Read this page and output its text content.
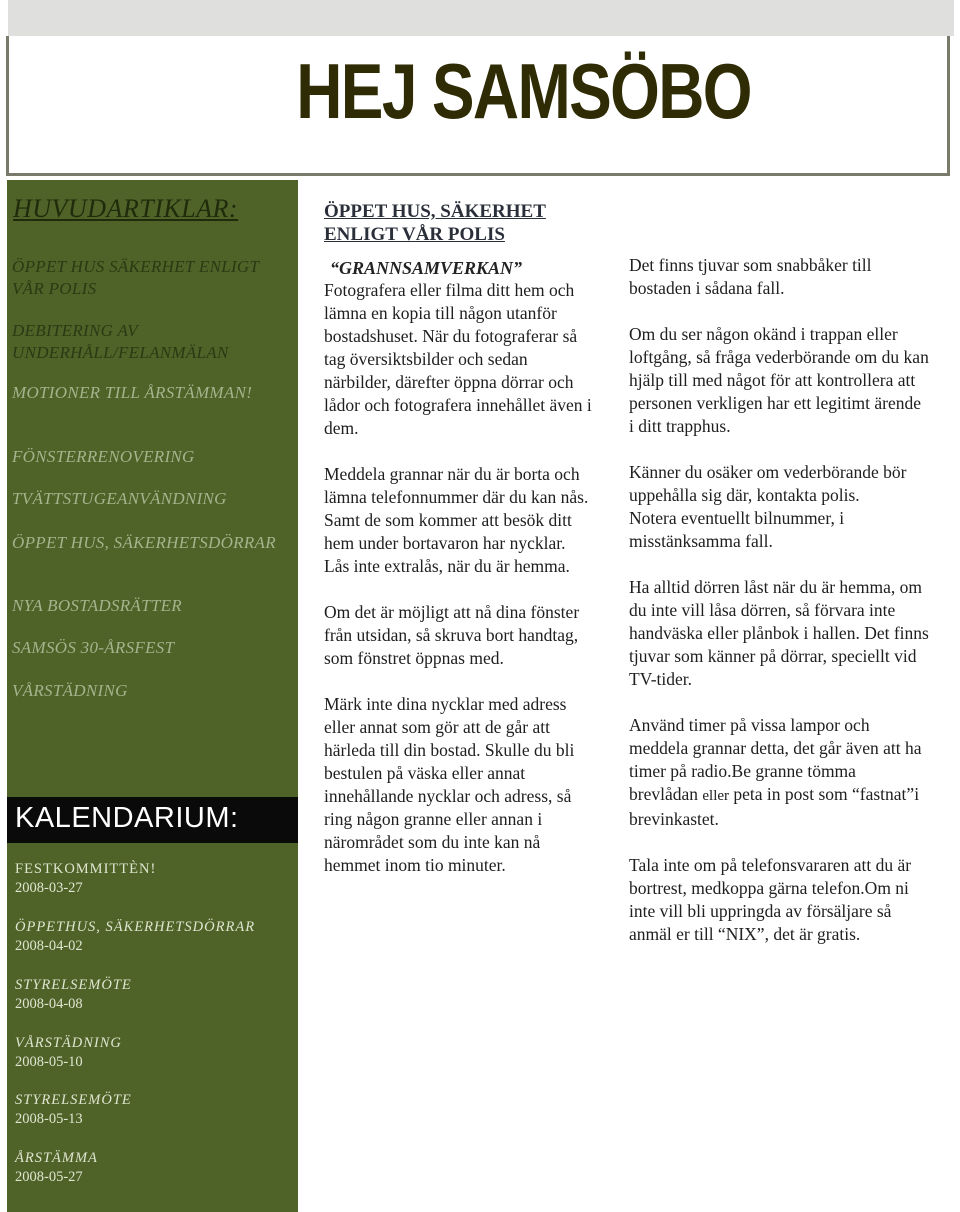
HEJ SAMSÖBO
HUVUDARTIKLAR:
ÖPPET HUS SÄKERHET ENLIGT VÅR POLIS
DEBITERING AV UNDERHÅLL/FELANMÄLAN
MOTIONER TILL ÅRSTÄMMAN!
FÖNSTERRENOVERING
TVÄTTSTUGEANVÄNDNING
ÖPPET HUS, SÄKERHETSDÖRRAR
NYA BOSTADSRÄTTER
SAMSÖS 30-ÅRSFEST
VÅRSTÄDNING
KALENDARIUM:
FESTKOMMITTÈN!
2008-03-27
ÖPPETHUS, SÄKERHETSDÖRRAR
2008-04-02
STYRELSEMÖTE
2008-04-08
VÅRSTÄDNING
2008-05-10
STYRELSEMÖTE
2008-05-13
ÅRSTÄMMA
2008-05-27
ÖPPET HUS, SÄKERHET ENLIGT VÅR POLIS
“GRANNSAMVERKAN”
Fotografera eller filma ditt hem och lämna en kopia till någon utanför bostadshuset. När du fotograferar så tag översiktsbilder och sedan närbilder, därefter öppna dörrar och lådor och fotografera innehållet även i dem.
Meddela grannar när du är borta och lämna telefonnummer där du kan nås. Samt de som kommer att besök ditt hem under bortavaron har nycklar. Lås inte extralås, när du är hemma.
Om det är möjligt att nå dina fönster från utsidan, så skruva bort handtag, som fönstret öppnas med.
Märk inte dina nycklar med adress eller annat som gör att de går att härleda till din bostad. Skulle du bli bestulen på väska eller annat innehållande nycklar och adress, så ring någon granne eller annan i närområdet som du inte kan nå hemmet inom tio minuter.
Det finns tjuvar som snabbåker till bostaden i sådana fall.
Om du ser någon okänd i trappan eller loftgång, så fråga vederbörande om du kan hjälp till med något för att kontrollera att personen verkligen har ett legitimt ärende i ditt trapphus.
Känner du osäker om vederbörande bör uppehålla sig där, kontakta polis.
Notera eventuellt bilnummer, i misstänksamma fall.
Ha alltid dörren låst när du är hemma, om du inte vill låsa dörren, så förvara inte handväska eller plånbok i hallen. Det finns tjuvar som känner på dörrar, speciellt vid TV-tider.
Använd timer på vissa lampor och meddela grannar detta, det går även att ha timer på radio.Be granne tömma brevlådan eller peta in post som “fastnat”i brevinkastet.
Tala inte om på telefonsvararen att du är bortrest, medkoppa gärna telefon.Om ni inte vill bli uppringda av försäljare så anmäl er till “NIX”, det är gratis.
